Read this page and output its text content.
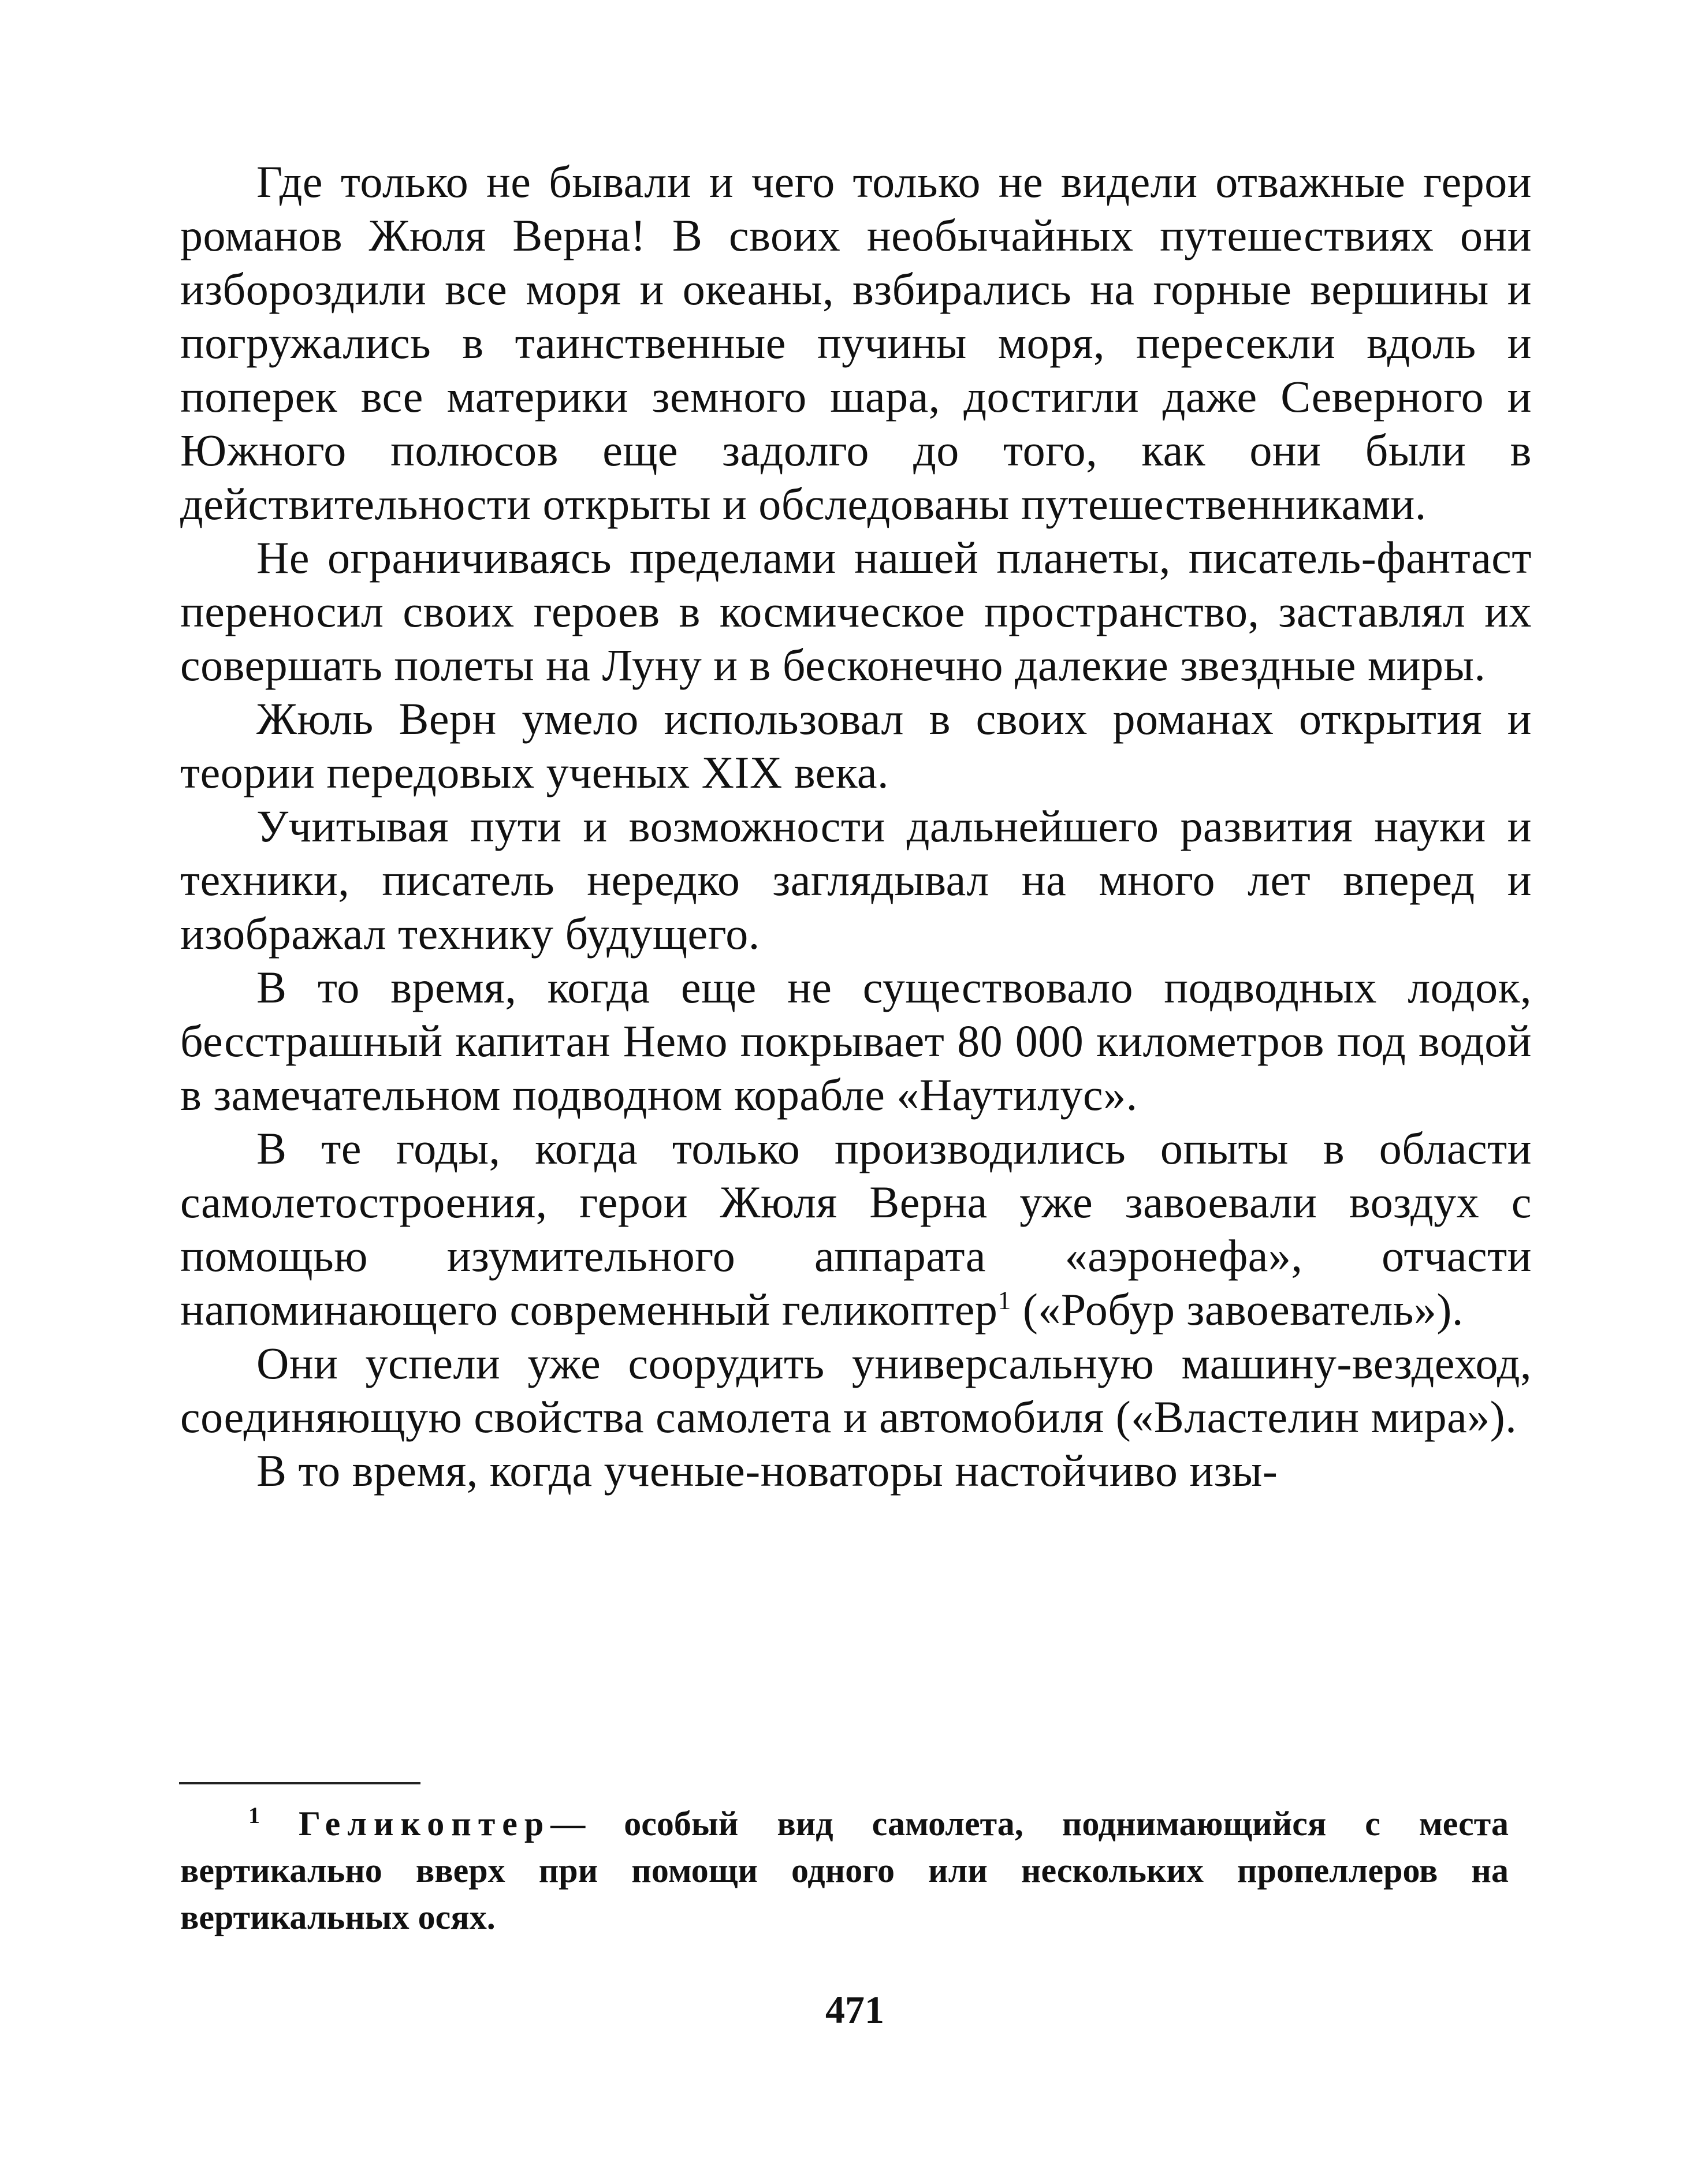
Где только не бывали и чего только не видели отважные герои романов Жюля Верна! В своих необычайных путешествиях они избороздили все моря и океаны, взбирались на горные вершины и погружались в таинственные пучины моря, пересекли вдоль и поперек все материки земного шара, достигли даже Северного и Южного полюсов еще задолго до того, как они были в действительности открыты и обследованы путешественниками.

Не ограничиваясь пределами нашей планеты, писатель-фантаст переносил своих героев в космическое пространство, заставлял их совершать полеты на Луну и в бесконечно далекие звездные миры.

Жюль Верн умело использовал в своих романах открытия и теории передовых ученых XIX века.

Учитывая пути и возможности дальнейшего развития науки и техники, писатель нередко заглядывал на много лет вперед и изображал технику будущего.

В то время, когда еще не существовало подводных лодок, бесстрашный капитан Немо покрывает 80 000 километров под водой в замечательном подводном корабле «Наутилус».

В те годы, когда только производились опыты в области самолетостроения, герои Жюля Верна уже завоевали воздух с помощью изумительного аппарата «аэронефа», отчасти напоминающего современный геликоптер$^1$ («Робур завоеватель»).

Они успели уже соорудить универсальную машину-вездеход, соединяющую свойства самолета и автомобиля («Властелин мира»).

В то время, когда ученые-новаторы настойчиво изы-

$^1$ Геликоптер— особый вид самолета, поднимающийся с места вертикально вверх при помощи одного или нескольких пропеллеров на вертикальных осях.

471
